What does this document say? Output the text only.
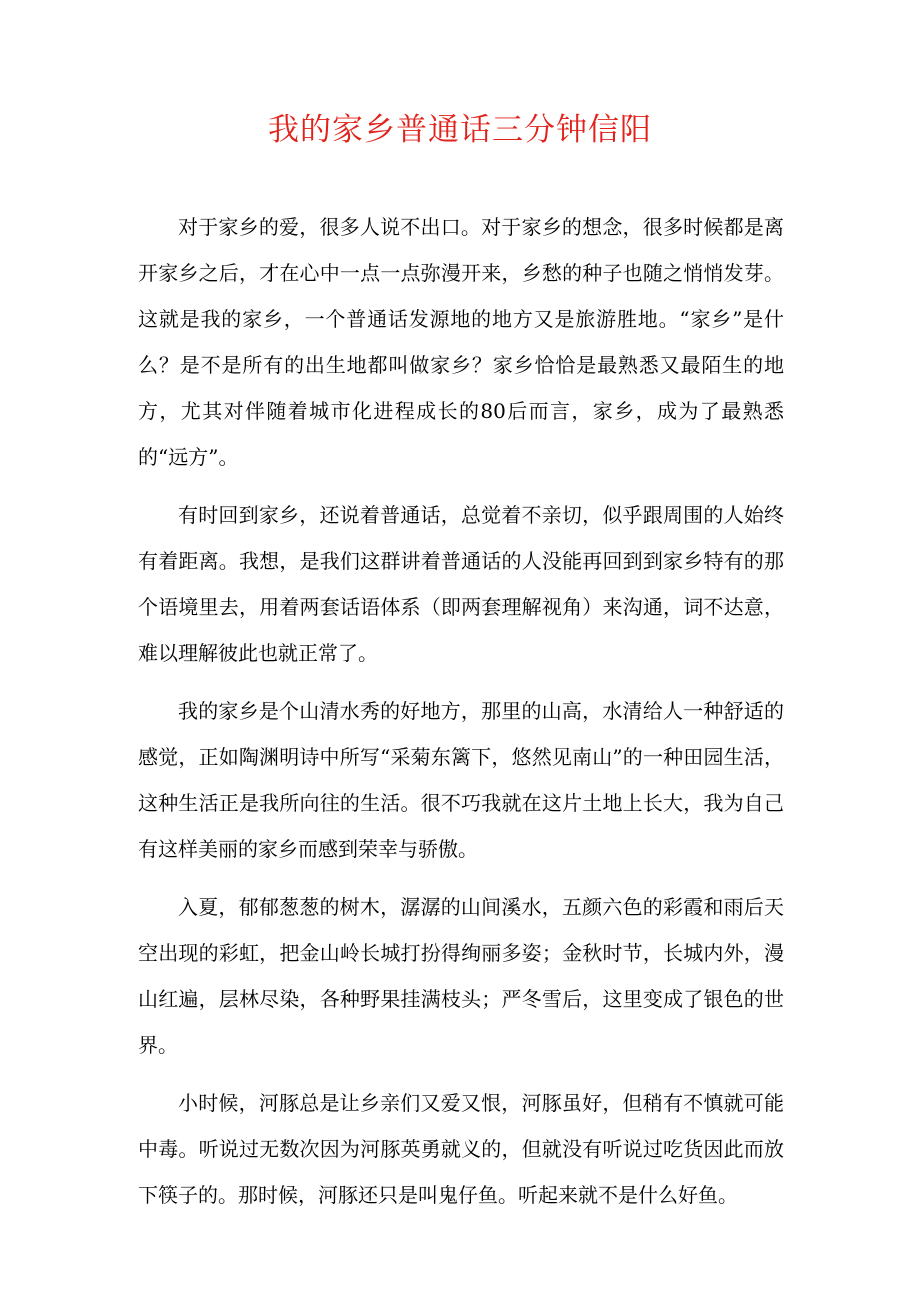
我的家乡普通话三分钟信阳

对于家乡的爱，很多人说不出口。对于家乡的想念，很多时候都是离开家乡之后，才在心中一点一点弥漫开来，乡愁的种子也随之悄悄发芽。这就是我的家乡，一个普通话发源地的地方又是旅游胜地。“家乡”是什么？是不是所有的出生地都叫做家乡？家乡恰恰是最熟悉又最陌生的地方，尤其对伴随着城市化进程成长的80后而言，家乡，成为了最熟悉的“远方”。

有时回到家乡，还说着普通话，总觉着不亲切，似乎跟周围的人始终有着距离。我想，是我们这群讲着普通话的人没能再回到到家乡特有的那个语境里去，用着两套话语体系（即两套理解视角）来沟通，词不达意，难以理解彼此也就正常了。

我的家乡是个山清水秀的好地方，那里的山高，水清给人一种舒适的感觉，正如陶渊明诗中所写“采菊东篱下，悠然见南山”的一种田园生活，这种生活正是我所向往的生活。很不巧我就在这片土地上长大，我为自己有这样美丽的家乡而感到荣幸与骄傲。

入夏，郁郁葱葱的树木，潺潺的山间溪水，五颜六色的彩霞和雨后天空出现的彩虹，把金山岭长城打扮得绚丽多姿；金秋时节，长城内外，漫山红遍，层林尽染，各种野果挂满枝头；严冬雪后，这里变成了银色的世界。

小时候，河豚总是让乡亲们又爱又恨，河豚虽好，但稍有不慎就可能中毒。听说过无数次因为河豚英勇就义的，但就没有听说过吃货因此而放下筷子的。那时候，河豚还只是叫鬼仔鱼。听起来就不是什么好鱼。
